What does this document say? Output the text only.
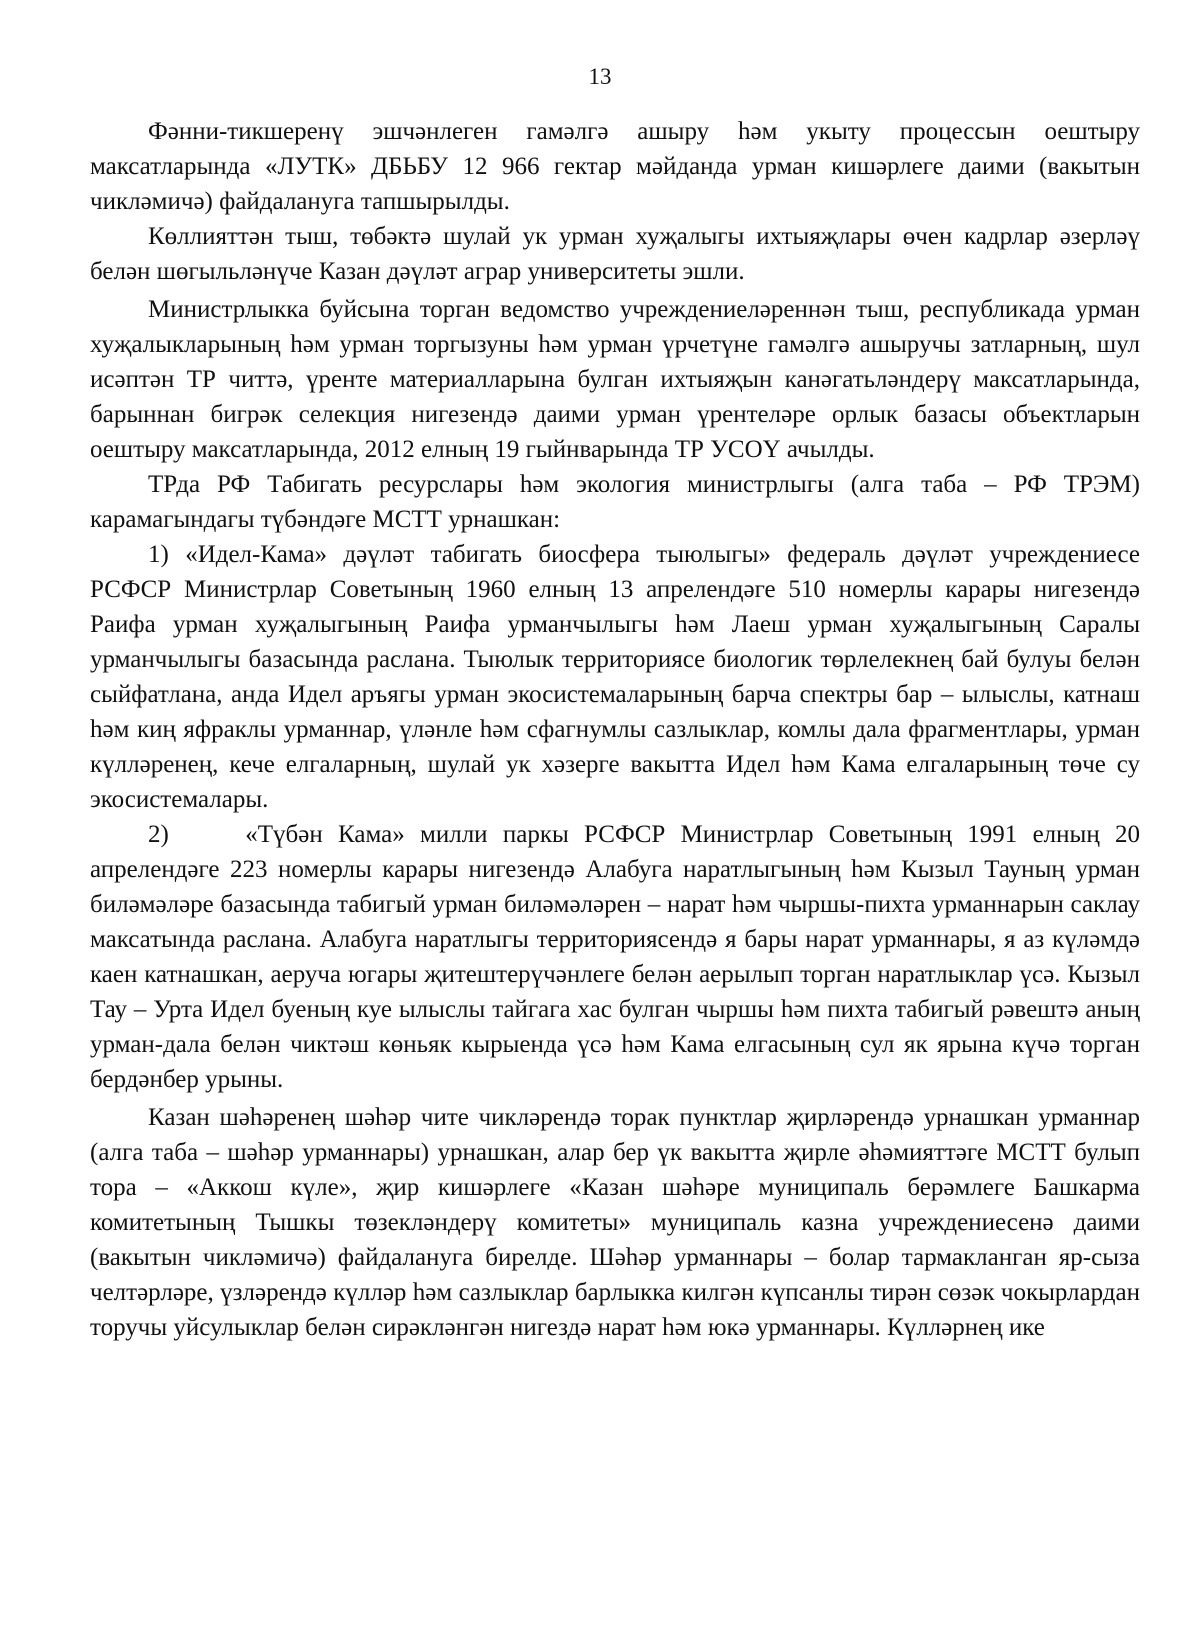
13

Фәнни-тикшеренү эшчәнлеген гамәлгә ашыру һәм укыту процессын оештыру максатларында «ЛУТК» ДБЬБУ 12 966 гектар мәйданда урман кишәрлеге даими (вакытын чикләмичә) файдалануга тапшырылды.

Көллияттән тыш, төбәктә шулай ук урман хуҗалыгы ихтыяҗлары өчен кадрлар әзерләү белән шөгыльләнүче Казан дәүләт аграр университеты эшли.

Министрлыкка буйсына торган ведомство учреждениеләреннән тыш, республикада урман хуҗалыкларының һәм урман торгызуны һәм урман үрчетүне гамәлгә ашыручы затларның, шул исәптән ТР читтә, үренте материалларына булган ихтыяҗын канәгатьләндерү максатларында, барыннан бигрәк селекция нигезендә даими урман үрентеләре орлык базасы объектларын оештыру максатларында, 2012 елның 19 гыйнварында ТР УСОҮ ачылды.

ТРда РФ Табигать ресурслары һәм экология министрлыгы (алга таба – РФ ТРЭМ) карамагындагы түбәндәге МСТТ урнашкан:

1) «Идел-Кама» дәүләт табигать биосфера тыюлыгы» федераль дәүләт учреждениесе РСФСР Министрлар Советының 1960 елның 13 апрелендәге 510 номерлы карары нигезендә Раифа урман хуҗалыгының Раифа урманчылыгы һәм Лаеш урман хуҗалыгының Саралы урманчылыгы базасында раслана. Тыюлык территориясе биологик төрлелекнең бай булуы белән сыйфатлана, анда Идел аръягы урман экосистемаларының барча спектры бар – ылыслы, катнаш һәм киң яфраклы урманнар, үләнле һәм сфагнумлы сазлыклар, комлы дала фрагментлары, урман күлләренең, кече елгаларның, шулай ук хәзерге вакытта Идел һәм Кама елгаларының төче су экосистемалары.

2)     «Түбән Кама» милли паркы РСФСР Министрлар Советының 1991 елның 20 апрелендәге 223 номерлы карары нигезендә Алабуга наратлыгының һәм Кызыл Тауның урман биләмәләре базасында табигый урман биләмәләрен – нарат һәм чыршы-пихта урманнарын саклау максатында раслана. Алабуга наратлыгы территориясендә я бары нарат урманнары, я аз күләмдә каен катнашкан, аеруча югары җитештерүчәнлеге белән аерылып торган наратлыклар үсә. Кызыл Тау – Урта Идел буеның куе ылыслы тайгага хас булган чыршы һәм пихта табигый рәвештә аның урман-дала белән чиктәш көньяк кырыенда үсә һәм Кама елгасының сул як ярына күчә торган бердәнбер урыны.

Казан шәһәренең шәһәр чите чикләрендә торак пунктлар җирләрендә урнашкан урманнар (алга таба – шәһәр урманнары) урнашкан, алар бер үк вакытта җирле әһәмияттәге МСТТ булып тора – «Аккош күле», җир кишәрлеге «Казан шәһәре муниципаль берәмлеге Башкарма комитетының Тышкы төзекләндерү комитеты» муниципаль казна учреждениесенә даими (вакытын чикләмичә) файдалануга бирелде. Шәһәр урманнары – болар тармакланган яр-сыза челтәрләре, үзләрендә күлләр һәм сазлыклар барлыкка килгән күпсанлы тирән сөзәк чокырлардан торучы уйсулыклар белән сирәкләнгән нигездә нарат һәм юкә урманнары. Күлләрнең ике
